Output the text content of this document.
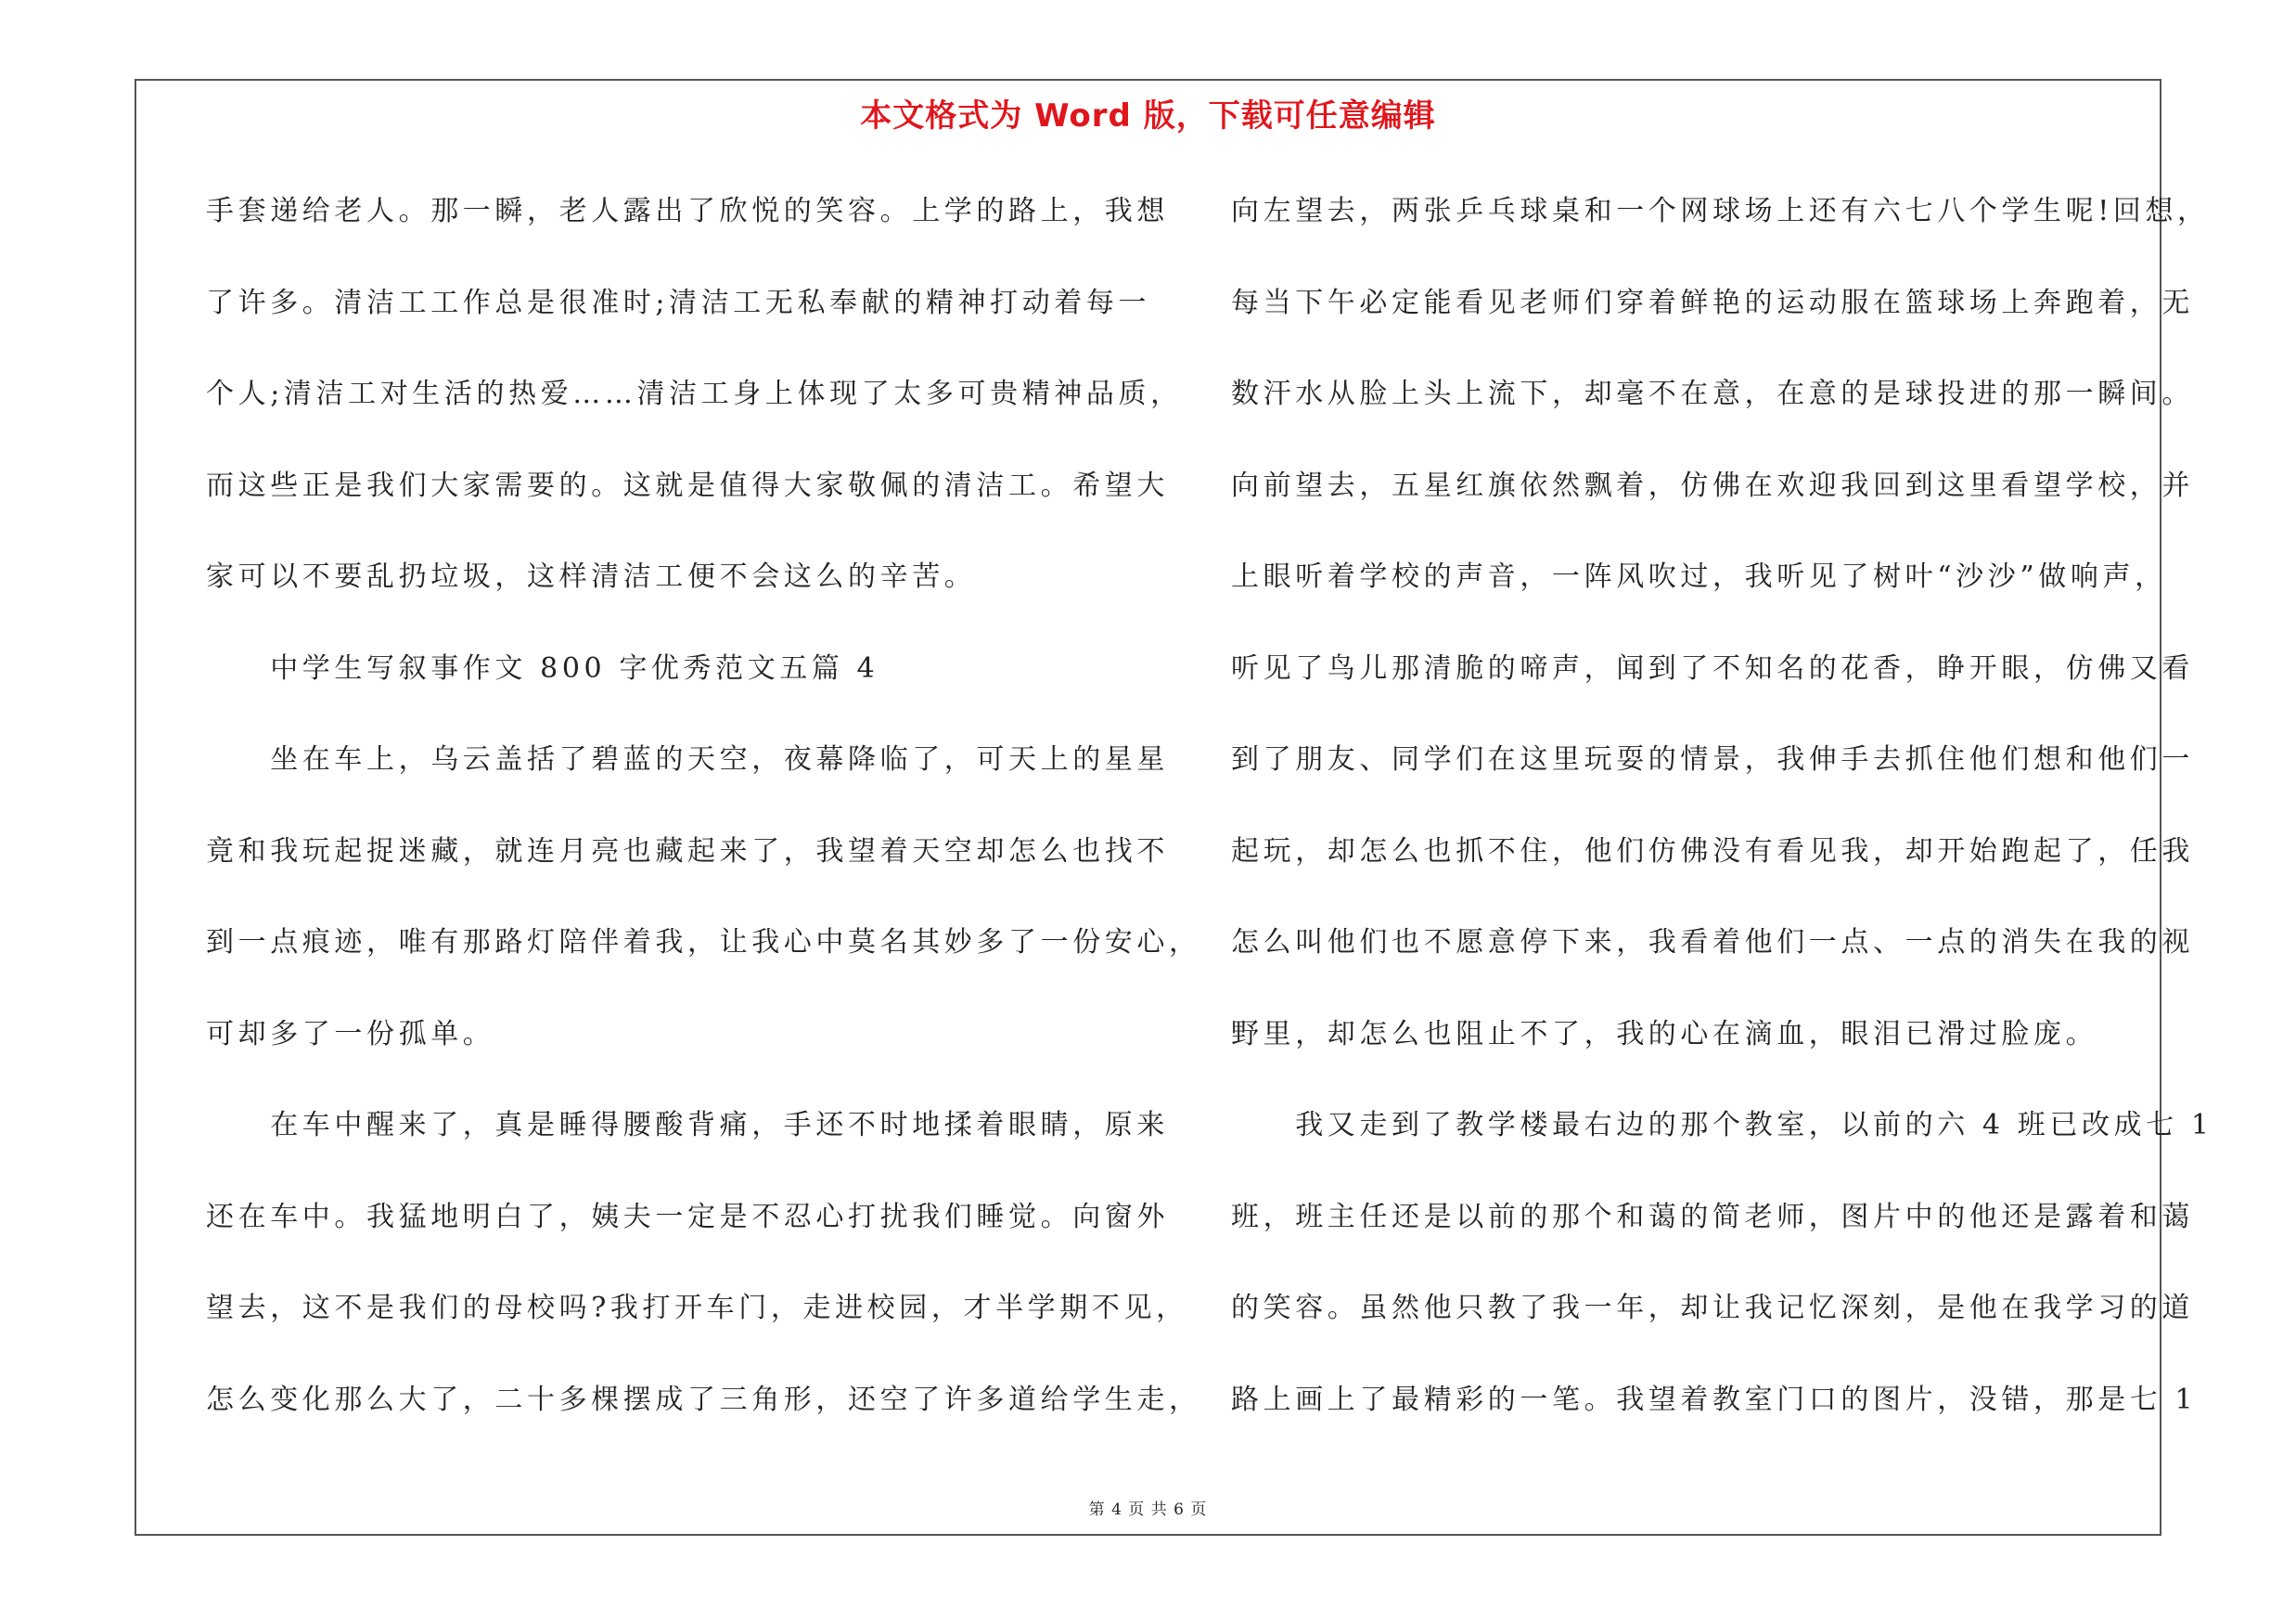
本文格式为 Word 版，下载可任意编辑
手套递给老人。那一瞬，老人露出了欣悦的笑容。上学的路上，我想
了许多。清洁工工作总是很准时;清洁工无私奉献的精神打动着每一
个人;清洁工对生活的热爱……清洁工身上体现了太多可贵精神品质，
而这些正是我们大家需要的。这就是值得大家敬佩的清洁工。希望大
家可以不要乱扔垃圾，这样清洁工便不会这么的辛苦。
　　中学生写叙事作文 800 字优秀范文五篇 4
　　坐在车上，乌云盖括了碧蓝的天空，夜幕降临了，可天上的星星
竟和我玩起捉迷藏，就连月亮也藏起来了，我望着天空却怎么也找不
到一点痕迹，唯有那路灯陪伴着我，让我心中莫名其妙多了一份安心，
可却多了一份孤单。
　　在车中醒来了，真是睡得腰酸背痛，手还不时地揉着眼睛，原来
还在车中。我猛地明白了，姨夫一定是不忍心打扰我们睡觉。向窗外
望去，这不是我们的母校吗?我打开车门，走进校园，才半学期不见，
怎么变化那么大了，二十多棵摆成了三角形，还空了许多道给学生走，
向左望去，两张乒乓球桌和一个网球场上还有六七八个学生呢!回想，
每当下午必定能看见老师们穿着鲜艳的运动服在篮球场上奔跑着，无
数汗水从脸上头上流下，却毫不在意，在意的是球投进的那一瞬间。
向前望去，五星红旗依然飘着，仿佛在欢迎我回到这里看望学校，并
上眼听着学校的声音，一阵风吹过，我听见了树叶“沙沙”做响声，
听见了鸟儿那清脆的啼声，闻到了不知名的花香，睁开眼，仿佛又看
到了朋友、同学们在这里玩耍的情景，我伸手去抓住他们想和他们一
起玩，却怎么也抓不住，他们仿佛没有看见我，却开始跑起了，任我
怎么叫他们也不愿意停下来，我看着他们一点、一点的消失在我的视
野里，却怎么也阻止不了，我的心在滴血，眼泪已滑过脸庞。
　　我又走到了教学楼最右边的那个教室，以前的六 4 班已改成七 1
班，班主任还是以前的那个和蔼的简老师，图片中的他还是露着和蔼
的笑容。虽然他只教了我一年，却让我记忆深刻，是他在我学习的道
路上画上了最精彩的一笔。我望着教室门口的图片，没错，那是七 1
第 4 页 共 6 页
